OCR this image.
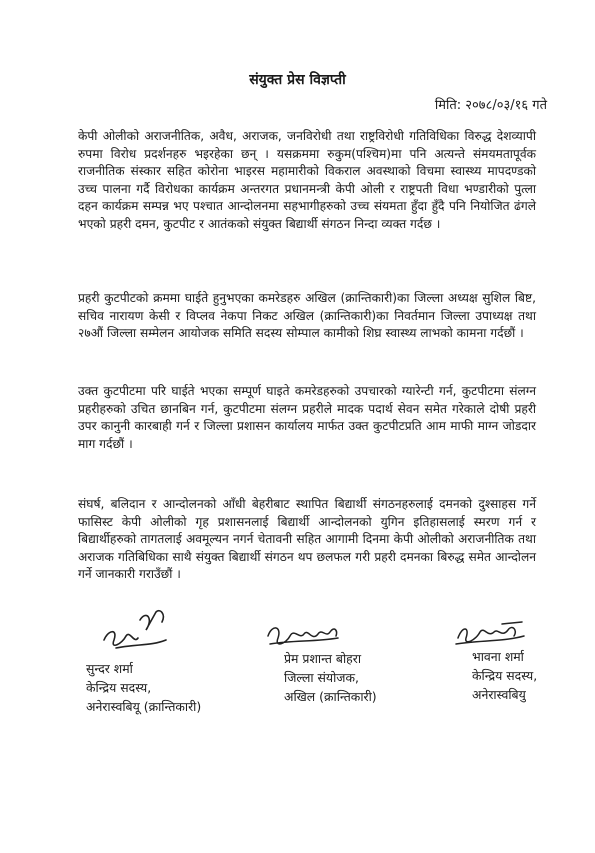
संयुक्त प्रेस विज्ञप्ती
मिति: २०७८/०३/१६ गते

केपी ओलीको अराजनीतिक, अवैध, अराजक, जनविरोधी तथा राष्ट्रविरोधी गतिविधिका विरुद्ध देशव्यापी रुपमा विरोध प्रदर्शनहरु भइरहेका छन् । यसक्रममा रुकुम(पश्चिम)मा पनि अत्यन्ते संमयमतापूर्वक राजनीतिक संस्कार सहित कोरोना भाइरस महामारीको विकराल अवस्थाको विचमा स्वास्थ्य मापदण्डको उच्च पालना गर्दै विरोधका कार्यक्रम अन्तरगत प्रधानमन्त्री केपी ओली र राष्ट्रपती विधा भण्डारीको पुत्ला दहन कार्यक्रम सम्पन्न भए पश्चात आन्दोलनमा सहभागीहरुको उच्च संयमता हुँदा हुँदै पनि नियोजित ढंगले भएको प्रहरी दमन, कुटपीट र आतंकको संयुक्त बिद्यार्थी संगठन निन्दा व्यक्त गर्दछ ।

प्रहरी कुटपीटको क्रममा घाईते हुनुभएका कमरेडहरु अखिल (क्रान्तिकारी)का जिल्ला अध्यक्ष सुशिल बिष्ट, सचिव नारायण केसी र विप्लव नेकपा निकट अखिल (क्रान्तिकारी)का निवर्तमान जिल्ला उपाध्यक्ष तथा २७औं जिल्ला सम्मेलन आयोजक समिति सदस्य सोम्पाल कामीको शिघ्र स्वास्थ्य लाभको कामना गर्दछौं ।

उक्त कुटपीटमा परि घाईते भएका सम्पूर्ण घाइते कमरेडहरुको उपचारको ग्यारेन्टी गर्न, कुटपीटमा संलग्न प्रहरीहरुको उचित छानबिन गर्न, कुटपीटमा संलग्न प्रहरीले मादक पदार्थ सेवन समेत गरेकाले दोषी प्रहरी उपर कानुनी कारबाही गर्न र जिल्ला प्रशासन कार्यालय मार्फत उक्त कुटपीटप्रति आम माफी माग्न जोडदार माग गर्दछौं ।

संघर्ष, बलिदान र आन्दोलनको आँधी बेहरीबाट स्थापित बिद्यार्थी संगठनहरुलाई दमनको दुश्साहस गर्ने फासिस्ट केपी ओलीको गृह प्रशासनलाई बिद्यार्थी आन्दोलनको युगिन इतिहासलाई स्मरण गर्न र बिद्यार्थीहरुको तागतलाई अवमूल्यन नगर्न चेतावनी सहित आगामी दिनमा केपी ओलीको अराजनीतिक तथा अराजक गतिबिधिका साथै संयुक्त बिद्यार्थी संगठन थप छलफल गरी प्रहरी दमनका बिरुद्ध समेत आन्दोलन गर्ने जानकारी गराउँछौं ।

सुन्दर शर्मा
केन्द्रिय सदस्य,
अनेरास्वबियू (क्रान्तिकारी)
प्रेम प्रशान्त बोहरा
जिल्ला संयोजक,
अखिल (क्रान्तिकारी)
भावना शर्मा
केन्द्रिय सदस्य,
अनेरास्वबियु
